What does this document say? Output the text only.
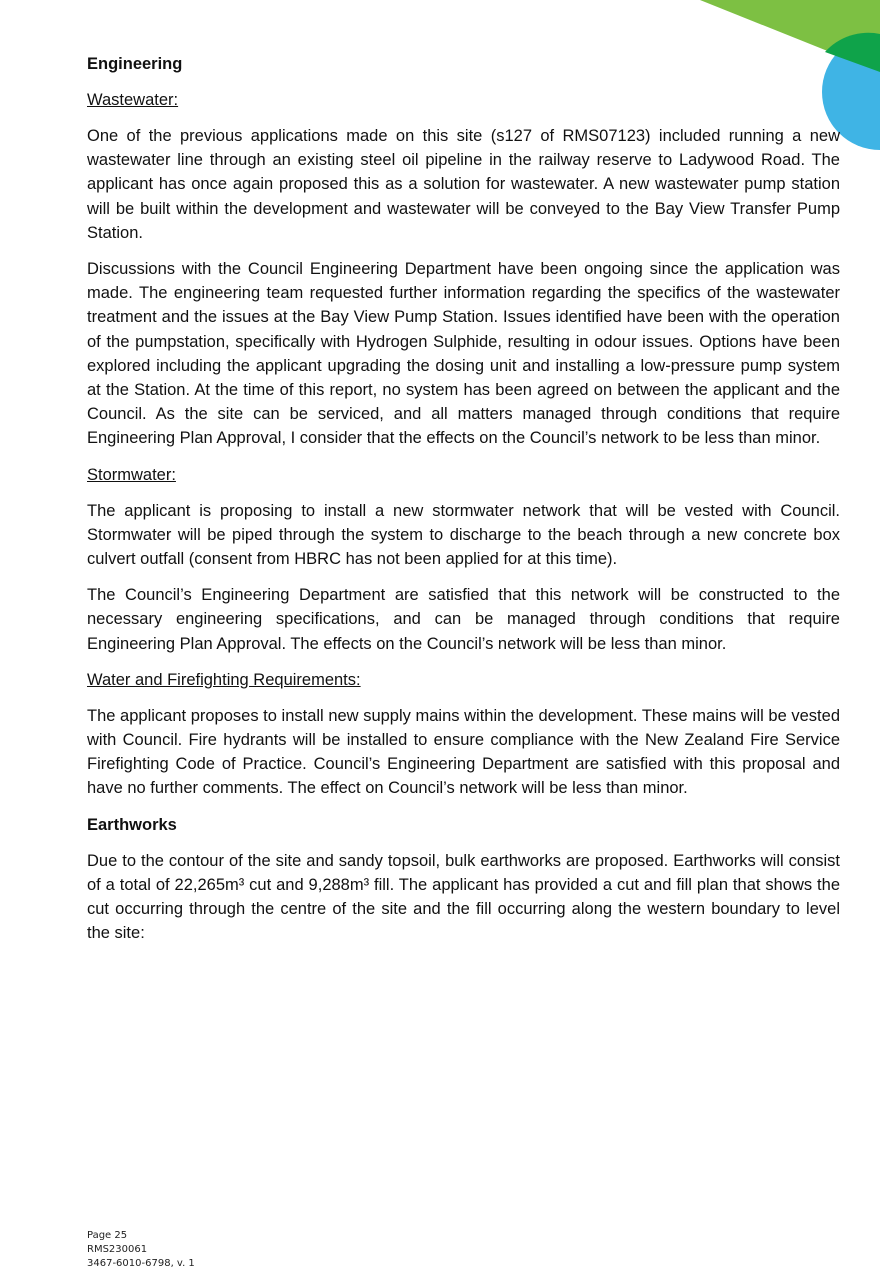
Engineering
Wastewater:

One of the previous applications made on this site (s127 of RMS07123) included running a new wastewater line through an existing steel oil pipeline in the railway reserve to Ladywood Road. The applicant has once again proposed this as a solution for wastewater. A new wastewater pump station will be built within the development and wastewater will be conveyed to the Bay View Transfer Pump Station.

Discussions with the Council Engineering Department have been ongoing since the application was made. The engineering team requested further information regarding the specifics of the wastewater treatment and the issues at the Bay View Pump Station. Issues identified have been with the operation of the pumpstation, specifically with Hydrogen Sulphide, resulting in odour issues. Options have been explored including the applicant upgrading the dosing unit and installing a low-pressure pump system at the Station. At the time of this report, no system has been agreed on between the applicant and the Council. As the site can be serviced, and all matters managed through conditions that require Engineering Plan Approval, I consider that the effects on the Council’s network to be less than minor.

Stormwater:

The applicant is proposing to install a new stormwater network that will be vested with Council. Stormwater will be piped through the system to discharge to the beach through a new concrete box culvert outfall (consent from HBRC has not been applied for at this time).

The Council’s Engineering Department are satisfied that this network will be constructed to the necessary engineering specifications, and can be managed through conditions that require Engineering Plan Approval. The effects on the Council’s network will be less than minor.

Water and Firefighting Requirements:

The applicant proposes to install new supply mains within the development. These mains will be vested with Council. Fire hydrants will be installed to ensure compliance with the New Zealand Fire Service Firefighting Code of Practice. Council’s Engineering Department are satisfied with this proposal and have no further comments. The effect on Council’s network will be less than minor.

Earthworks

Due to the contour of the site and sandy topsoil, bulk earthworks are proposed. Earthworks will consist of a total of 22,265m³ cut and 9,288m³ fill. The applicant has provided a cut and fill plan that shows the cut occurring through the centre of the site and the fill occurring along the western boundary to level the site:

Page 25
RMS230061
3467-6010-6798, v. 1
